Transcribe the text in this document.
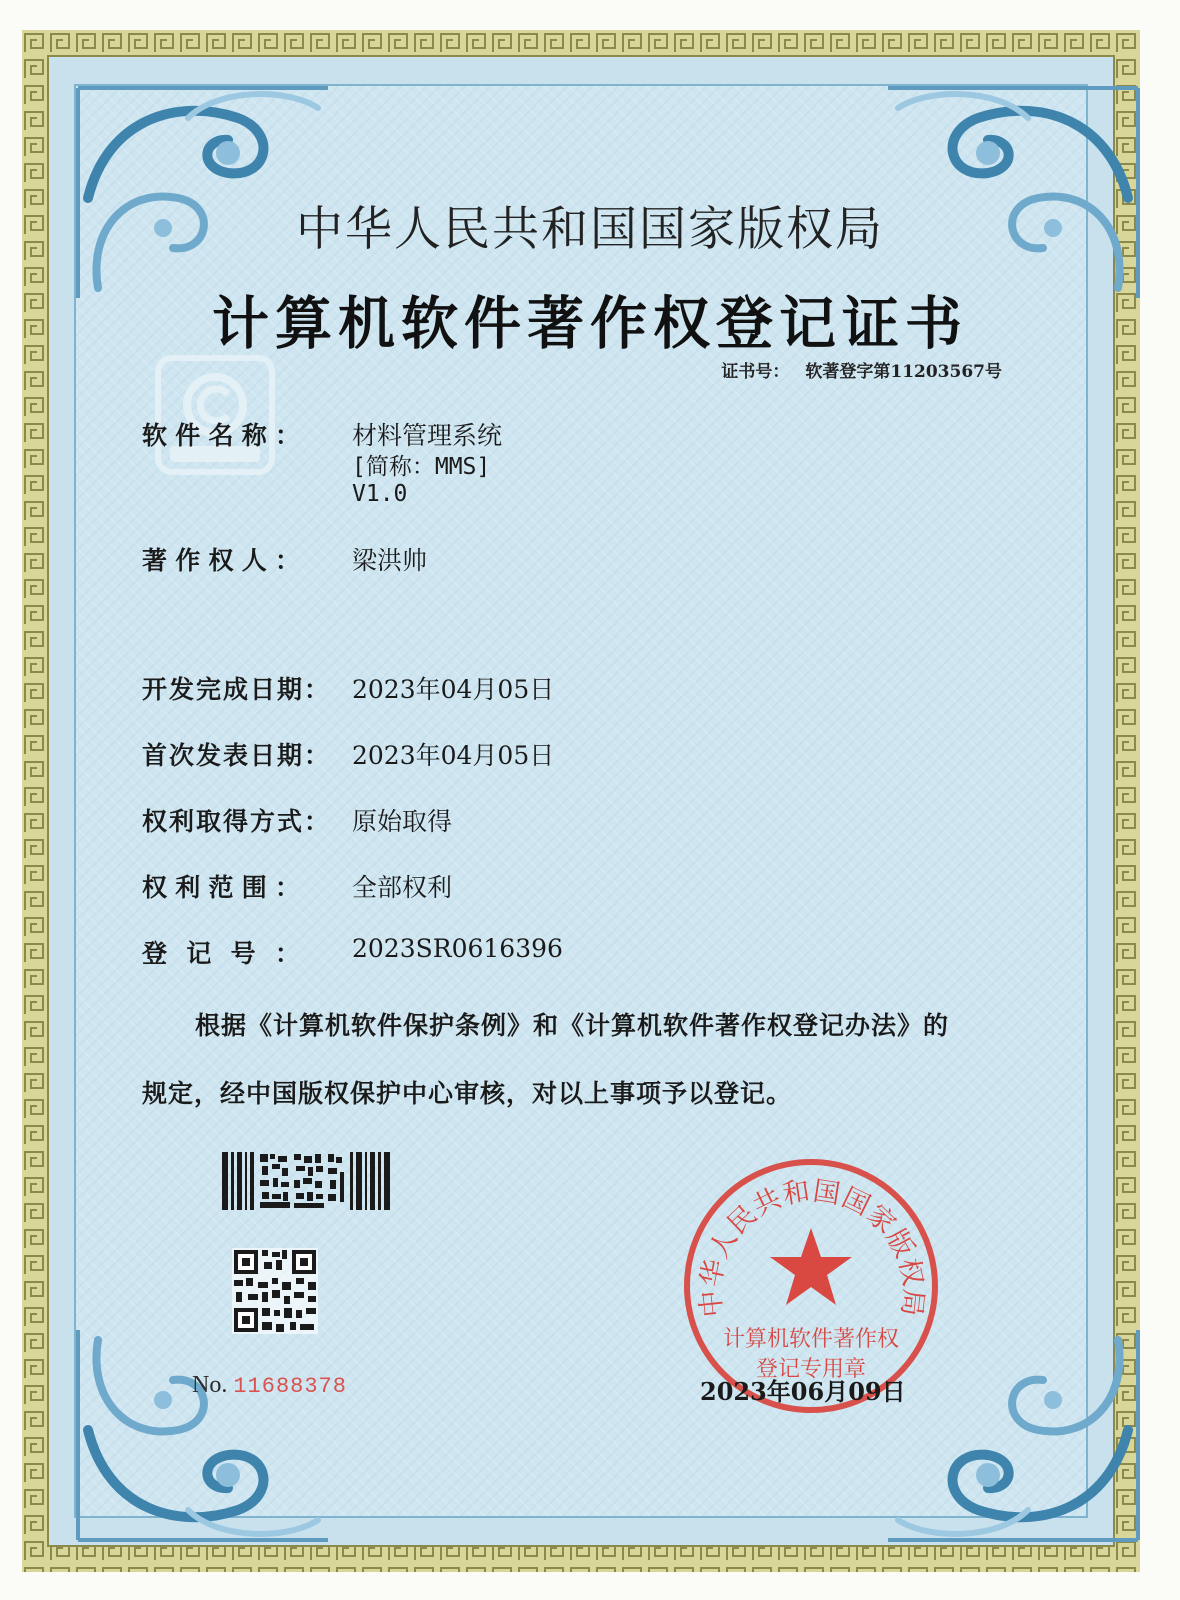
中华人民共和国国家版权局
计算机软件著作权登记证书
证书号： 软著登字第11203567号
软件名称： 材料管理系统
[简称：MMS]
V1.0
著作权人： 梁洪帅
开发完成日期： 2023年04月05日
首次发表日期： 2023年04月05日
权利取得方式： 原始取得
权利范围： 全部权利
登记号： 2023SR0616396
根据《计算机软件保护条例》和《计算机软件著作权登记办法》的
规定，经中国版权保护中心审核，对以上事项予以登记。
No. 11688378
中华人民共和国国家版权局
计算机软件著作权
登记专用章
2023年06月09日
